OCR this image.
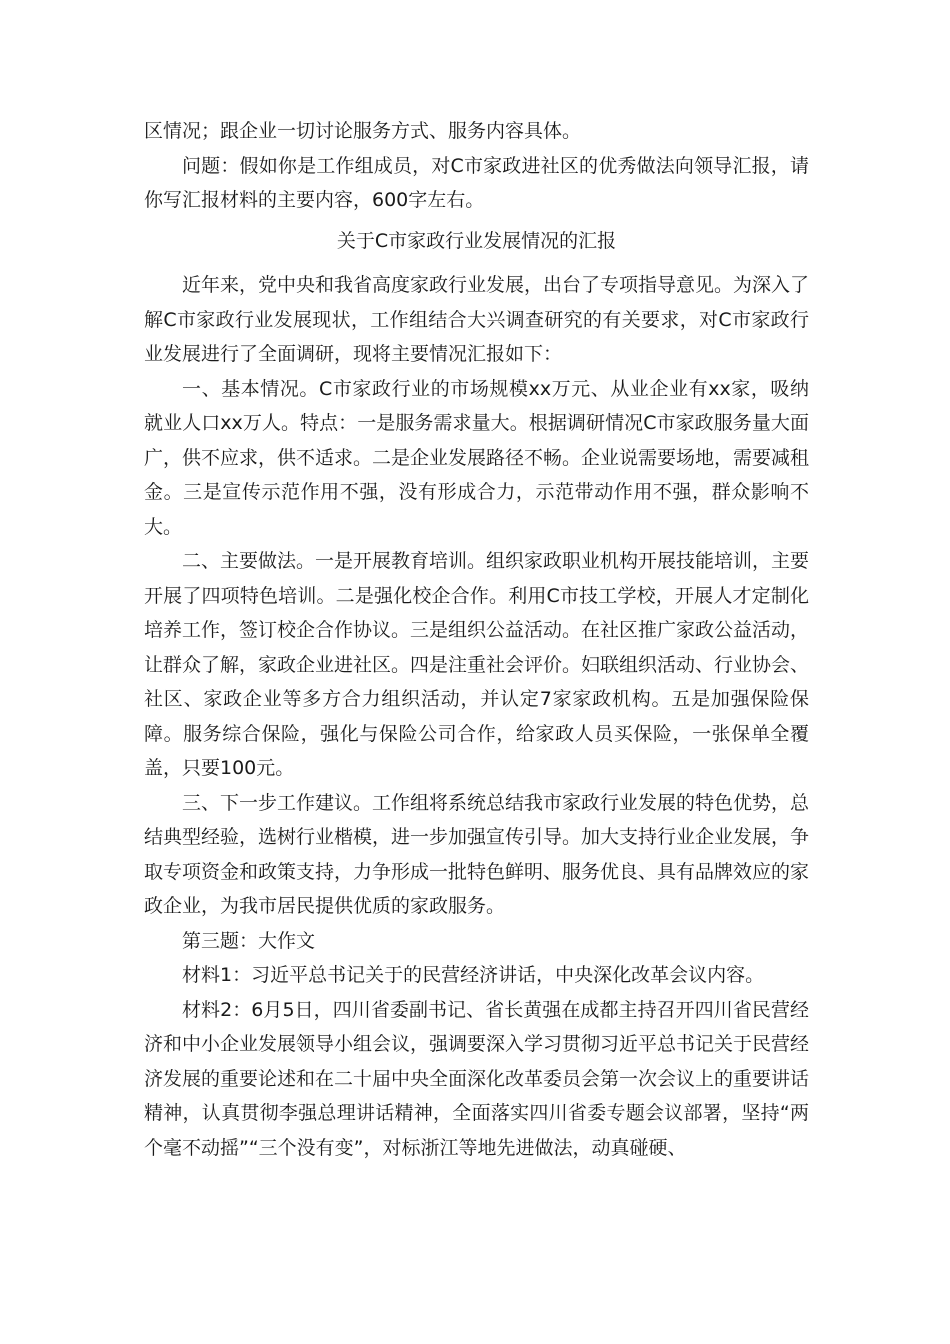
区情况；跟企业一切讨论服务方式、服务内容具体。

问题：假如你是工作组成员，对C市家政进社区的优秀做法向领导汇报，请你写汇报材料的主要内容，600字左右。

关于C市家政行业发展情况的汇报

近年来，党中央和我省高度家政行业发展，出台了专项指导意见。为深入了解C市家政行业发展现状，工作组结合大兴调查研究的有关要求，对C市家政行业发展进行了全面调研，现将主要情况汇报如下：

一、基本情况。C市家政行业的市场规模xx万元、从业企业有xx家，吸纳就业人口xx万人。特点：一是服务需求量大。根据调研情况C市家政服务量大面广，供不应求，供不适求。二是企业发展路径不畅。企业说需要场地，需要减租金。三是宣传示范作用不强，没有形成合力，示范带动作用不强，群众影响不大。

二、主要做法。一是开展教育培训。组织家政职业机构开展技能培训，主要开展了四项特色培训。二是强化校企合作。利用C市技工学校，开展人才定制化培养工作，签订校企合作协议。三是组织公益活动。在社区推广家政公益活动，让群众了解，家政企业进社区。四是注重社会评价。妇联组织活动、行业协会、社区、家政企业等多方合力组织活动，并认定7家家政机构。五是加强保险保障。服务综合保险，强化与保险公司合作，给家政人员买保险，一张保单全覆盖，只要100元。

三、下一步工作建议。工作组将系统总结我市家政行业发展的特色优势，总结典型经验，选树行业楷模，进一步加强宣传引导。加大支持行业企业发展，争取专项资金和政策支持，力争形成一批特色鲜明、服务优良、具有品牌效应的家政企业，为我市居民提供优质的家政服务。

第三题：大作文

材料1：习近平总书记关于的民营经济讲话，中央深化改革会议内容。

材料2：6月5日，四川省委副书记、省长黄强在成都主持召开四川省民营经济和中小企业发展领导小组会议，强调要深入学习贯彻习近平总书记关于民营经济发展的重要论述和在二十届中央全面深化改革委员会第一次会议上的重要讲话精神，认真贯彻李强总理讲话精神，全面落实四川省委专题会议部署，坚持“两个毫不动摇”“三个没有变”，对标浙江等地先进做法，动真碰硬、
